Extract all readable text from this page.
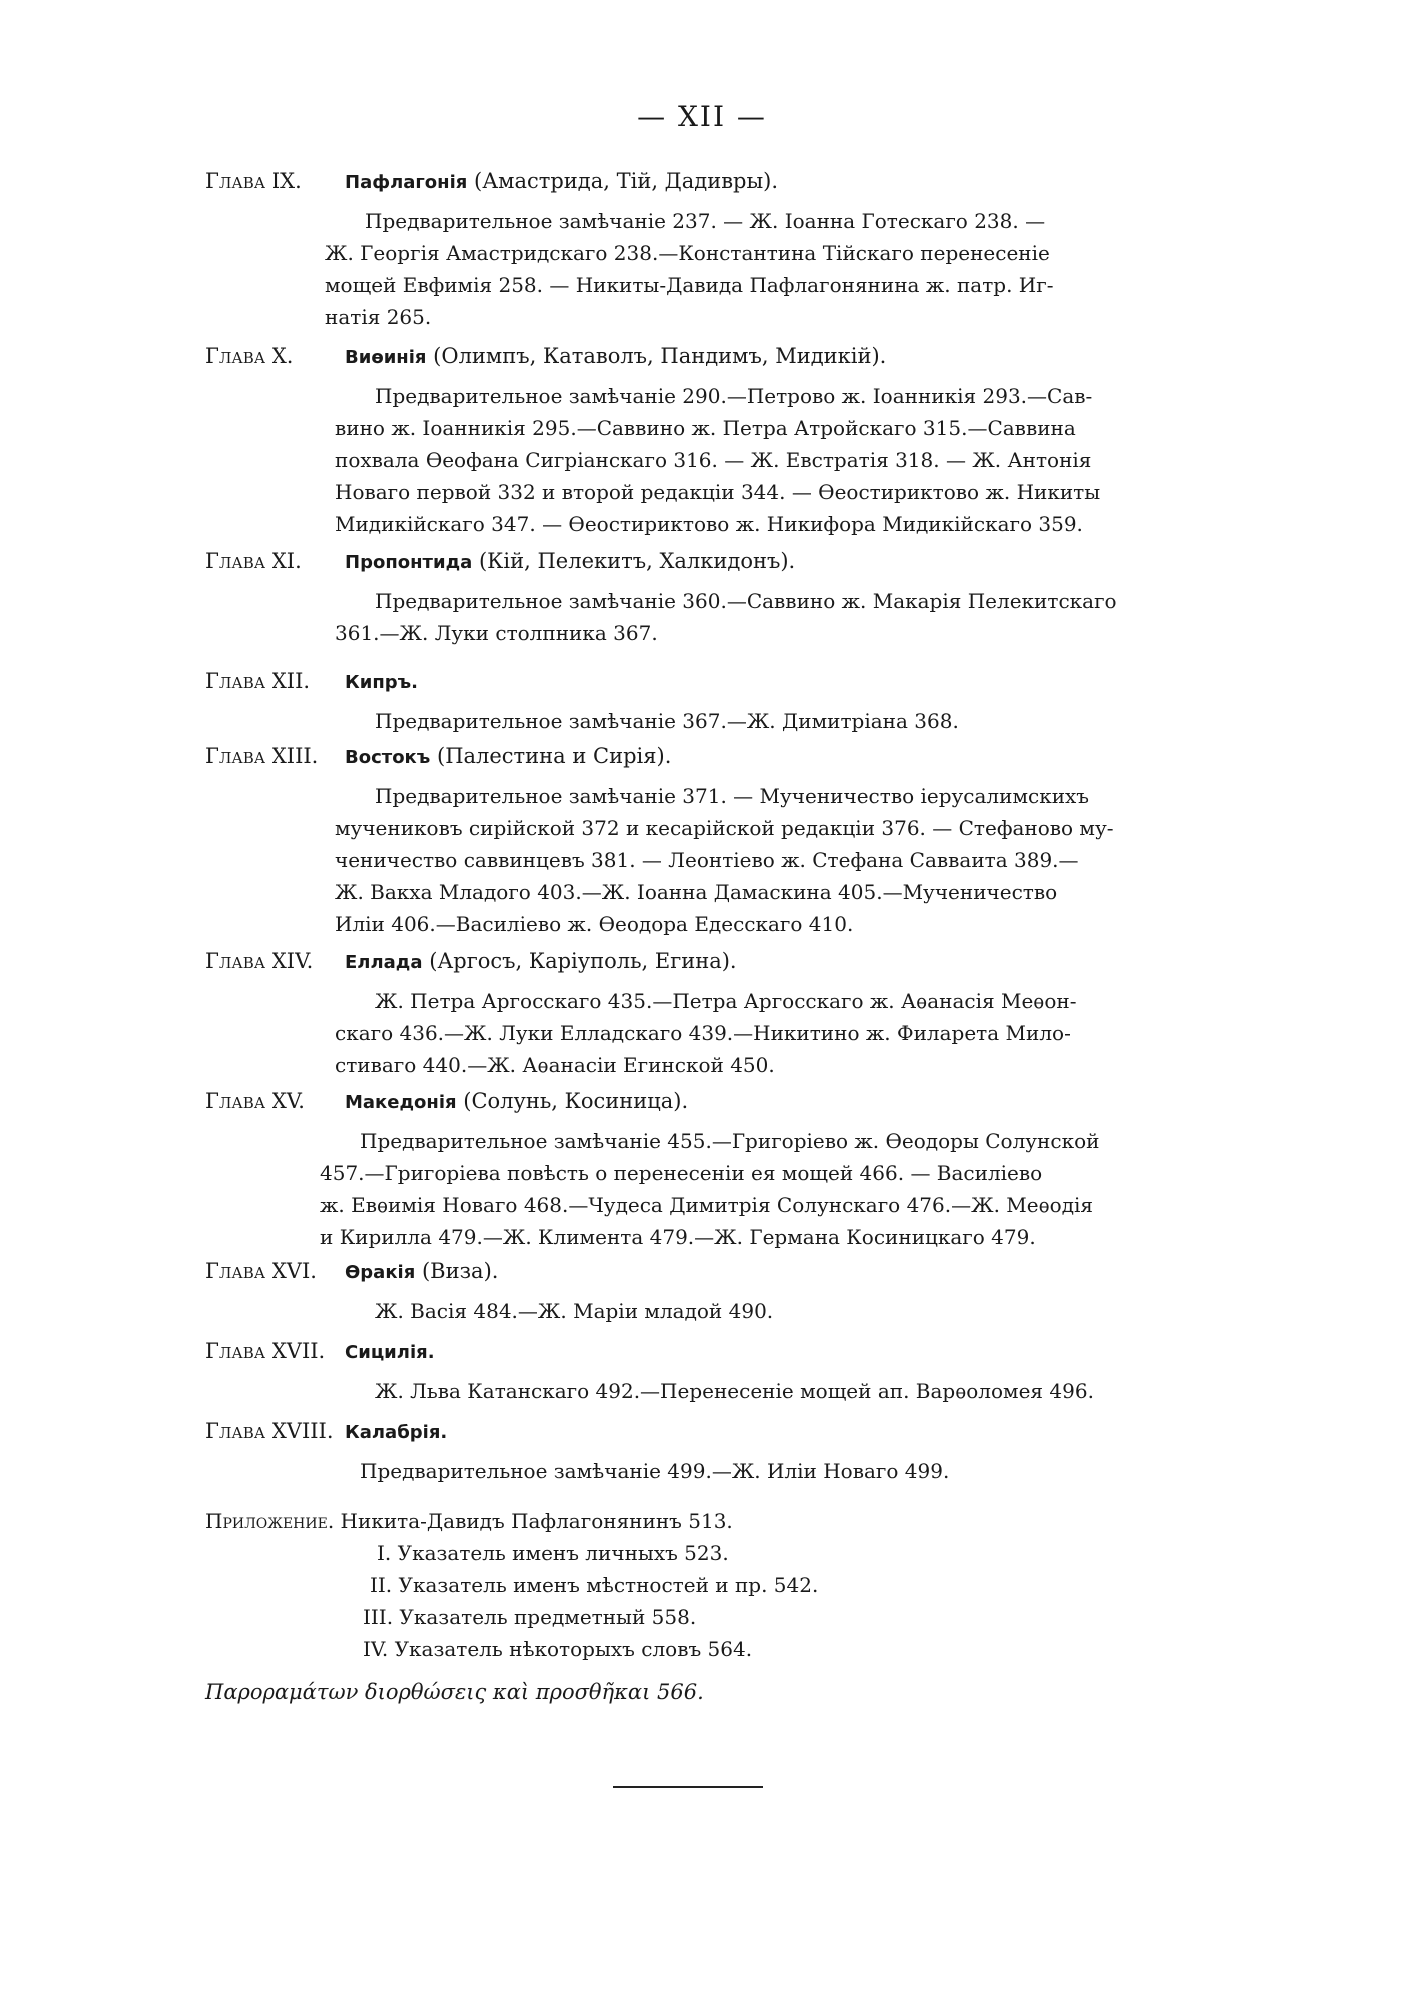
— XII —
Глава IX. Пафлагонія (Амастрида, Тій, Дадивры).
Предварительное замѣчаніе 237. — Ж. Іоанна Готескаго 238. —
Ж. Георгія Амастридскаго 238.—Константина Тійскаго перенесеніе
мощей Евфимія 258. — Никиты-Давида Пафлагонянина ж. патр. Иг-
натія 265.
Глава X.	Виѳинія (Олимпъ, Катаволъ, Пандимъ, Мидикій).
Предварительное замѣчаніе 290.—Петрово ж. Іоанникія 293.—Сав-
вино ж. Іоанникія 295.—Саввино ж. Петра Атройскаго 315.—Саввина
похвала Ѳеофана Сигріанскаго 316. — Ж. Евстратія 318. — Ж. Антонія
Новаго первой 332 и второй редакціи 344. — Ѳеостириктово ж. Никиты
Мидикійскаго 347. — Ѳеостириктово ж. Никифора Мидикійскаго 359.
Глава XI. Пропонтида (Кій, Пелекитъ, Халкидонъ).
Предварительное замѣчаніе 360.—Саввино ж. Макарія Пелекитскаго
361.—Ж. Луки столпника 367.
Глава XII. Кипръ.
Предварительное замѣчаніе 367.—Ж. Димитріана 368.
Глава XIII. Востокъ (Палестина и Сирія).
Предварительное замѣчаніе 371. — Мученичество іерусалимскихъ
мучениковъ сирійской 372 и кесарійской редакціи 376. — Стефаново му-
ченичество саввинцевъ 381. — Леонтіево ж. Стефана Савваита 389.—
Ж. Вакха Младого 403.—Ж. Іоанна Дамаскина 405.—Мученичество
Иліи 406.—Василіево ж. Ѳеодора Едесскаго 410.
Глава XIV. Еллада (Аргосъ, Каріуполь, Егина).
Ж. Петра Аргосскаго 435.—Петра Аргосскаго ж. Аѳанасія Меѳон-
скаго 436.—Ж. Луки Елладскаго 439.—Никитино ж. Филарета Мило-
стиваго 440.—Ж. Аѳанасіи Егинской 450.
Глава XV. Македонія (Солунь, Косиница).
Предварительное замѣчаніе 455.—Григоріево ж. Ѳеодоры Солунской
457.—Григоріева повѣсть о перенесеніи ея мощей 466. — Василіево
ж. Евѳимія Новаго 468.—Чудеса Димитрія Солунскаго 476.—Ж. Меѳодія
и Кирилла 479.—Ж. Климента 479.—Ж. Германа Косиницкаго 479.
Глава XVI. Ѳракія (Виза).
Ж. Васія 484.—Ж. Маріи младой 490.
Глава XVII. Сицилія.
Ж. Льва Катанскаго 492.—Перенесеніе мощей ап. Варѳоломея 496.
Глава XVIII. Калабрія.
Предварительное замѣчаніе 499.—Ж. Иліи Новаго 499.
Приложение. Никита-Давидъ Пафлагонянинъ 513.
I. Указатель именъ личныхъ 523.
II. Указатель именъ мѣстностей и пр. 542.
III. Указатель предметный 558.
IV. Указатель нѣкоторыхъ словъ 564.
Παροραμάτων διορθώσεις καὶ προσθῆκαι 566.
